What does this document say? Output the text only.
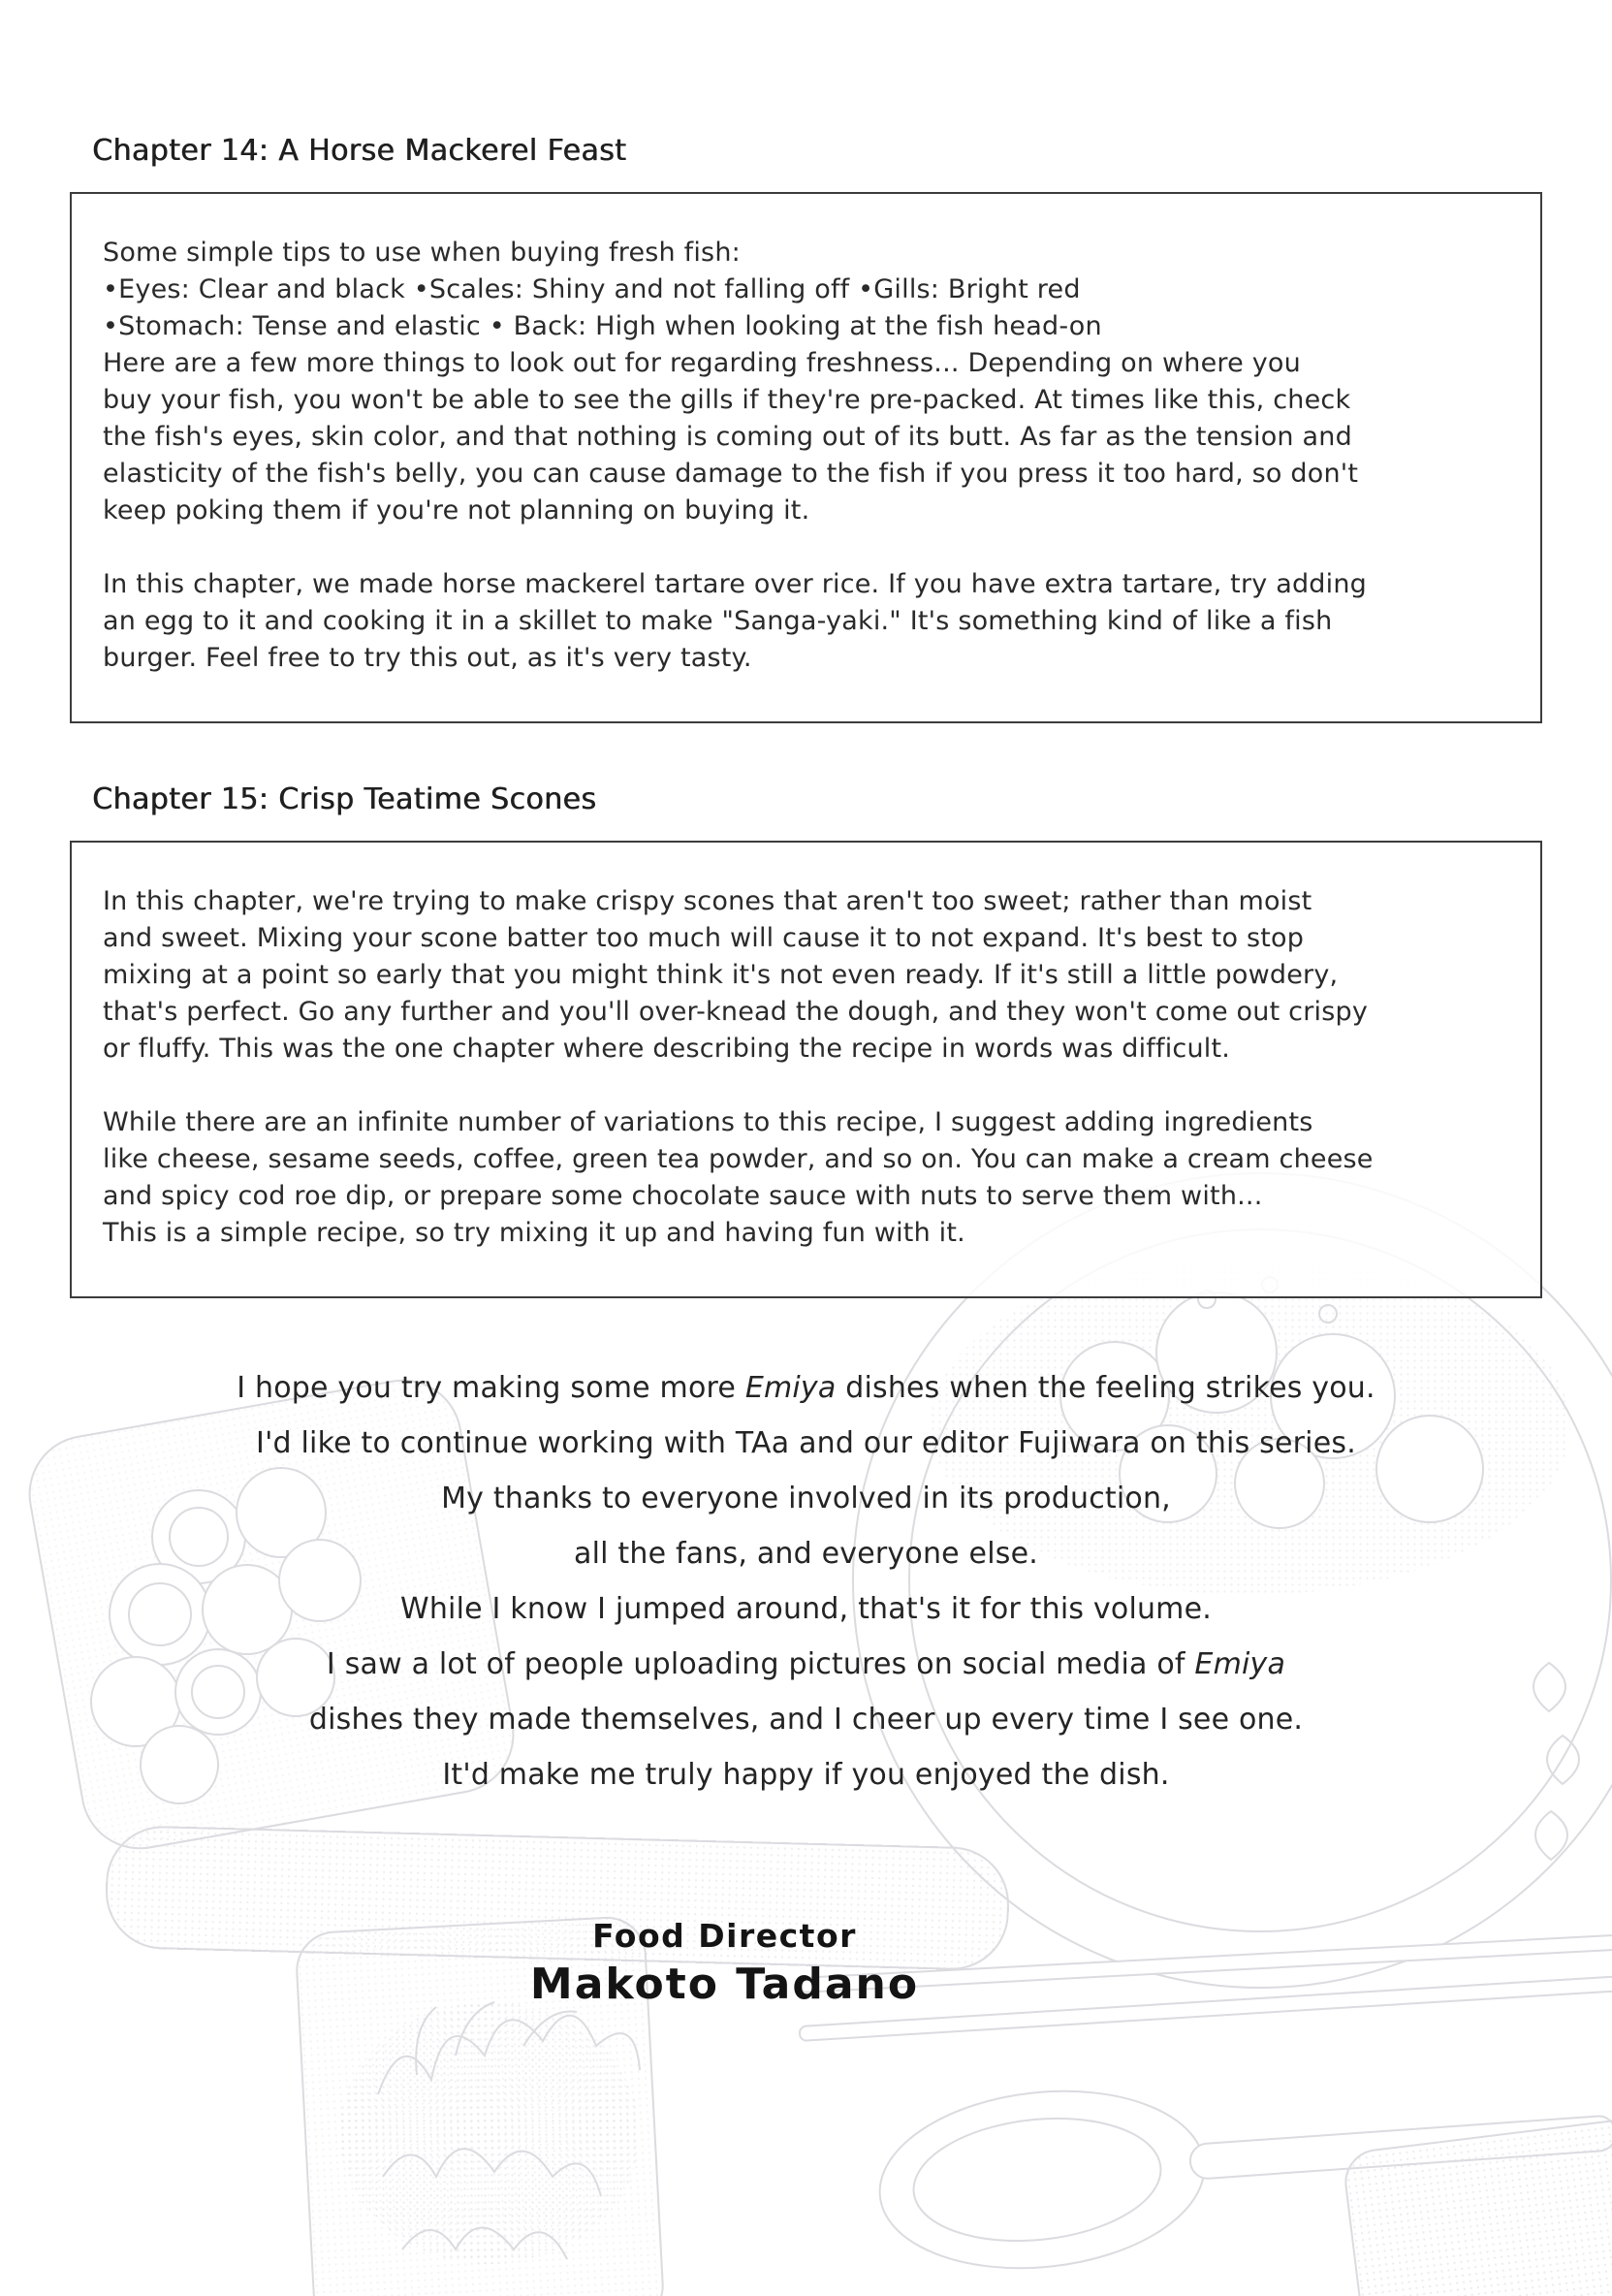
Chapter 14: A Horse Mackerel Feast
Some simple tips to use when buying fresh fish:
•Eyes: Clear and black •Scales: Shiny and not falling off •Gills: Bright red
•Stomach: Tense and elastic • Back: High when looking at the fish head-on
Here are a few more things to look out for regarding freshness... Depending on where you
buy your fish, you won't be able to see the gills if they're pre-packed. At times like this, check
the fish's eyes, skin color, and that nothing is coming out of its butt. As far as the tension and
elasticity of the fish's belly, you can cause damage to the fish if you press it too hard, so don't
keep poking them if you're not planning on buying it.

In this chapter, we made horse mackerel tartare over rice. If you have extra tartare, try adding
an egg to it and cooking it in a skillet to make "Sanga-yaki." It's something kind of like a fish
burger. Feel free to try this out, as it's very tasty.
Chapter 15: Crisp Teatime Scones
In this chapter, we're trying to make crispy scones that aren't too sweet; rather than moist
and sweet. Mixing your scone batter too much will cause it to not expand. It's best to stop
mixing at a point so early that you might think it's not even ready. If it's still a little powdery,
that's perfect. Go any further and you'll over-knead the dough, and they won't come out crispy
or fluffy. This was the one chapter where describing the recipe in words was difficult.

While there are an infinite number of variations to this recipe, I suggest adding ingredients
like cheese, sesame seeds, coffee, green tea powder, and so on. You can make a cream cheese
and spicy cod roe dip, or prepare some chocolate sauce with nuts to serve them with...
This is a simple recipe, so try mixing it up and having fun with it.
I hope you try making some more Emiya dishes when the feeling strikes you.
I'd like to continue working with TAa and our editor Fujiwara on this series.
My thanks to everyone involved in its production,
all the fans, and everyone else.
While I know I jumped around, that's it for this volume.
I saw a lot of people uploading pictures on social media of Emiya
dishes they made themselves, and I cheer up every time I see one.
It'd make me truly happy if you enjoyed the dish.
Food Director
Makoto Tadano
